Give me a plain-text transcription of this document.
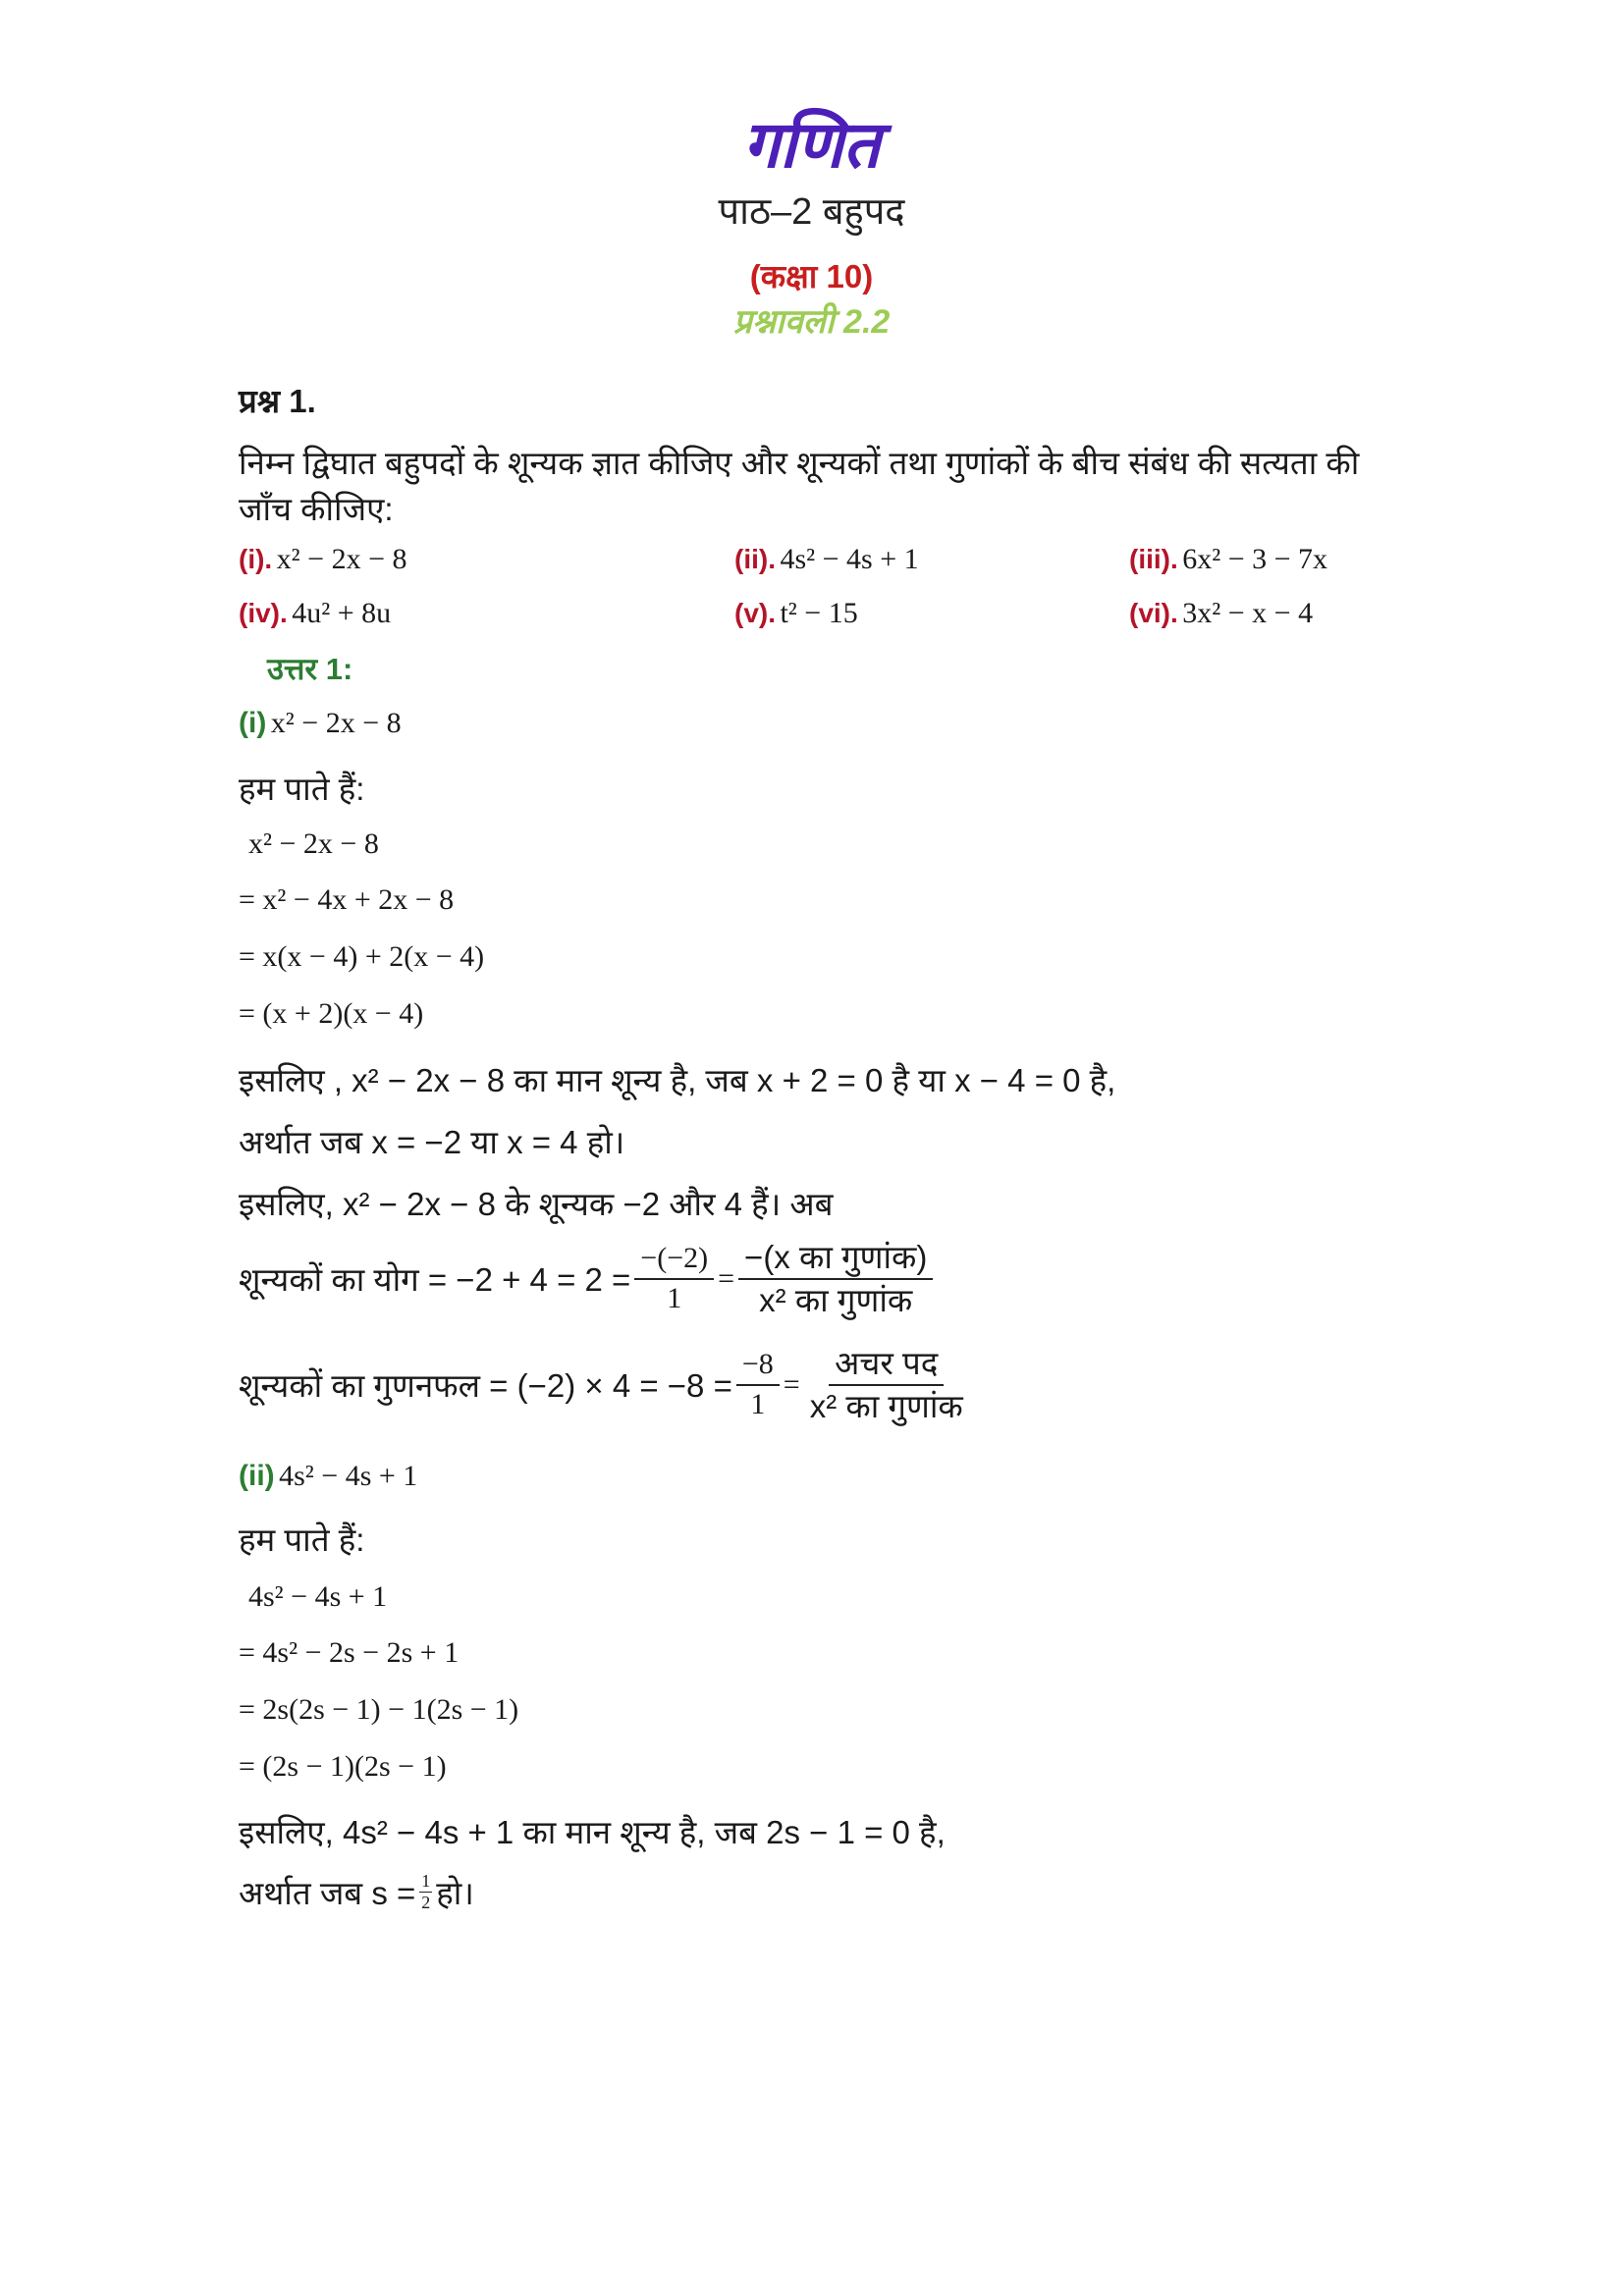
गणित
पाठ–2 बहुपद
(कक्षा 10)
प्रश्नावली 2.2
प्रश्न 1.
निम्न द्विघात बहुपदों के शून्यक ज्ञात कीजिए और शून्यकों तथा गुणांकों के बीच संबंध की सत्यता की
जाँच कीजिए:
(i). x² − 2x − 8	(ii). 4s² − 4s + 1	(iii). 6x² − 3 − 7x
(iv). 4u² + 8u	(v). t² − 15	(vi). 3x² − x − 4
उत्तर 1:
(i) x² − 2x − 8
हम पाते हैं:
x² − 2x − 8
= x² − 4x + 2x − 8
= x(x − 4) + 2(x − 4)
= (x + 2)(x − 4)
इसलिए , x² − 2x − 8 का मान शून्य है, जब x + 2 = 0 है या x − 4 = 0 है,
अर्थात जब x = −2 या x = 4 हो।
इसलिए, x² − 2x − 8 के शून्यक −2 और 4 हैं। अब
शून्यकों का योग = $-2 + 4 = 2 = \frac{-(-2)}{1} = \frac{\text{−(x का गुणांक)}}{\text{x² का गुणांक}}$
शून्यकों का गुणनफल = $(-2) \times 4 = -8 = \frac{-8}{1} = \frac{\text{अचर पद}}{\text{x² का गुणांक}}$
(ii) 4s² − 4s + 1
हम पाते हैं:
4s² − 4s + 1
= 4s² − 2s − 2s + 1
= 2s(2s − 1) − 1(2s − 1)
= (2s − 1)(2s − 1)
इसलिए, 4s² − 4s + 1 का मान शून्य है, जब 2s − 1 = 0 है,
अर्थात जब $s = \frac{1}{2}$ हो।
